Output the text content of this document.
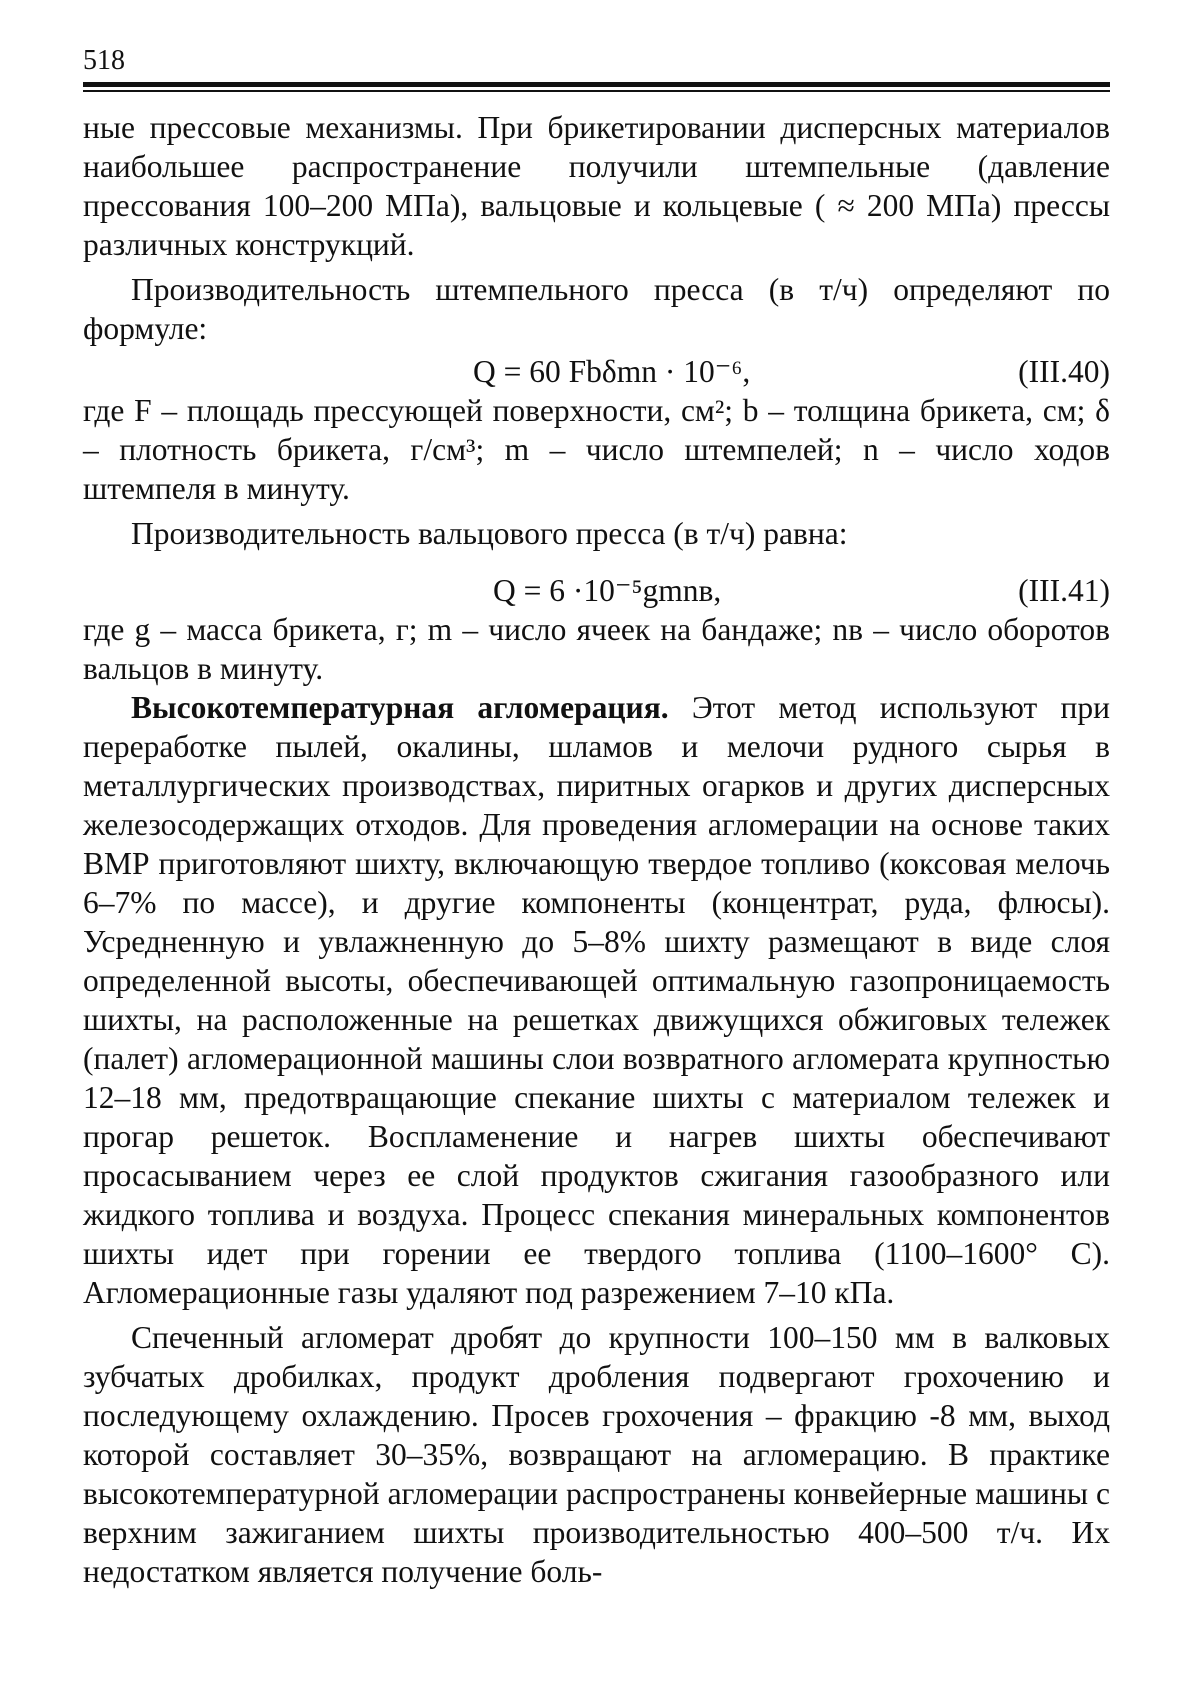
518

ные прессовые механизмы. При брикетировании дисперсных материалов наибольшее распространение получили штемпельные (давление прессования 100–200 МПа), вальцовые и кольцевые ( ≈ 200 МПа) прессы различных конструкций.

Производительность штемпельного пресса (в т/ч) определяют по формуле:

Q = 60 Fbδmn · 10⁻⁶,	(III.40)

где F – площадь прессующей поверхности, см²; b – толщина брикета, см; δ – плотность брикета, г/см³; m – число штемпелей; n – число ходов штемпеля в минуту.

Производительность вальцового пресса (в т/ч) равна:

Q = 6 ·10⁻⁵gmnв,	(III.41)

где g – масса брикета, г; m – число ячеек на бандаже; nв – число оборотов вальцов в минуту.

Высокотемпературная агломерация. Этот метод используют при переработке пылей, окалины, шламов и мелочи рудного сырья в металлургических производствах, пиритных огарков и других дисперсных железосодержащих отходов. Для проведения агломерации на основе таких ВМР приготовляют шихту, включающую твердое топливо (коксовая мелочь 6–7% по массе), и другие компоненты (концентрат, руда, флюсы). Усредненную и увлажненную до 5–8% шихту размещают в виде слоя определенной высоты, обеспечивающей оптимальную газопроницаемость шихты, на расположенные на решетках движущихся обжиговых тележек (палет) агломерационной машины слои возвратного агломерата крупностью 12–18 мм, предотвращающие спекание шихты с материалом тележек и прогар решеток. Воспламенение и нагрев шихты обеспечивают просасыванием через ее слой продуктов сжигания газообразного или жидкого топлива и воздуха. Процесс спекания минеральных компонентов шихты идет при горении ее твердого топлива (1100–1600° С). Агломерационные газы удаляют под разрежением 7–10 кПа.

Спеченный агломерат дробят до крупности 100–150 мм в валковых зубчатых дробилках, продукт дробления подвергают грохочению и последующему охлаждению. Просев грохочения – фракцию -8 мм, выход которой составляет 30–35%, возвращают на агломерацию. В практике высокотемпературной агломерации распространены конвейерные машины с верхним зажиганием шихты производительностью 400–500 т/ч. Их недостатком является получение боль-
